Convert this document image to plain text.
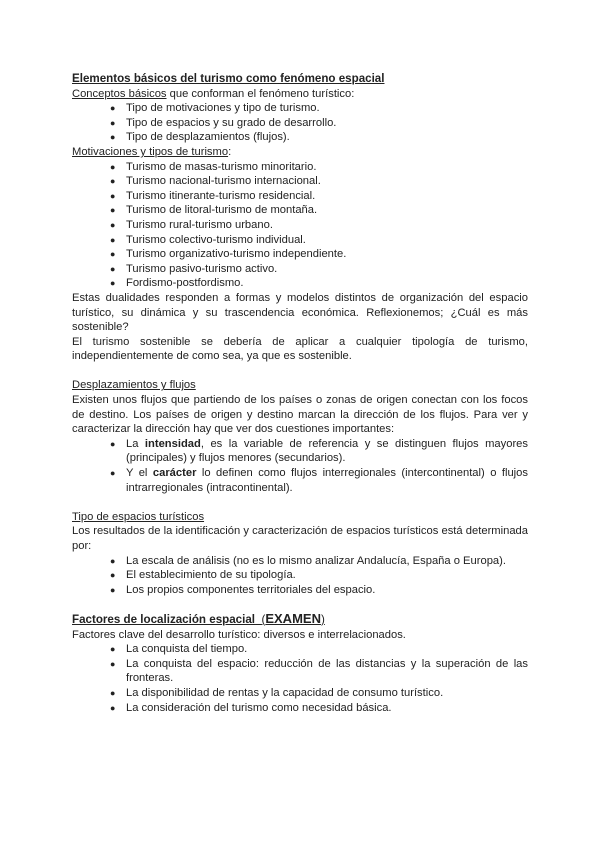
Elementos básicos del turismo como fenómeno espacial
Conceptos básicos que conforman el fenómeno turístico:
● Tipo de motivaciones y tipo de turismo.
● Tipo de espacios y su grado de desarrollo.
● Tipo de desplazamientos (flujos).
Motivaciones y tipos de turismo:
● Turismo de masas-turismo minoritario.
● Turismo nacional-turismo internacional.
● Turismo itinerante-turismo residencial.
● Turismo de litoral-turismo de montaña.
● Turismo rural-turismo urbano.
● Turismo colectivo-turismo individual.
● Turismo organizativo-turismo independiente.
● Turismo pasivo-turismo activo.
● Fordismo-postfordismo.

Estas dualidades responden a formas y modelos distintos de organización del espacio turístico, su dinámica y su trascendencia económica. Reflexionemos; ¿Cuál es más sostenible?

El turismo sostenible se debería de aplicar a cualquier tipología de turismo, independientemente de como sea, ya que es sostenible.

Desplazamientos y flujos

Existen unos flujos que partiendo de los países o zonas de origen conectan con los focos de destino. Los países de origen y destino marcan la dirección de los flujos. Para ver y caracterizar la dirección hay que ver dos cuestiones importantes:

● La intensidad, es la variable de referencia y se distinguen flujos mayores (principales) y flujos menores (secundarios).
● Y el carácter lo definen como flujos interregionales (intercontinental) o flujos intrarregionales (intracontinental).
Tipo de espacios turísticos

Los resultados de la identificación y caracterización de espacios turísticos está determinada por:

● La escala de análisis (no es lo mismo analizar Andalucía, España o Europa).
● El establecimiento de su tipología.
● Los propios componentes territoriales del espacio.
Factores de localización espacial (EXAMEN)

Factores clave del desarrollo turístico: diversos e interrelacionados.

● La conquista del tiempo.
● La conquista del espacio: reducción de las distancias y la superación de las fronteras.
● La disponibilidad de rentas y la capacidad de consumo turístico.
● La consideración del turismo como necesidad básica.
